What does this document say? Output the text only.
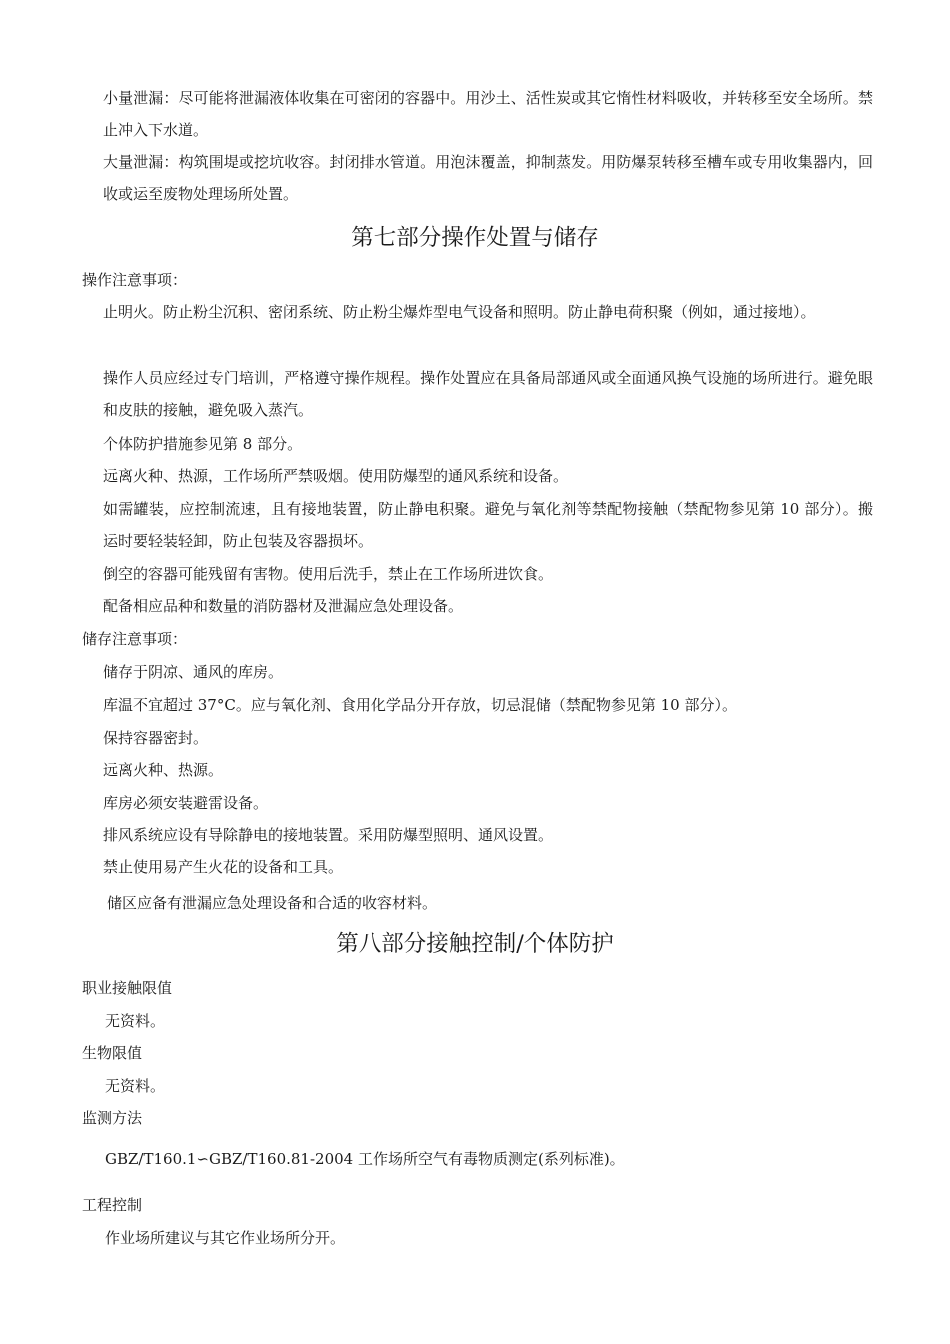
小量泄漏：尽可能将泄漏液体收集在可密闭的容器中。用沙土、活性炭或其它惰性材料吸收，并转移至安全场所。禁止冲入下水道。

大量泄漏：构筑围堤或挖坑收容。封闭排水管道。用泡沫覆盖，抑制蒸发。用防爆泵转移至槽车或专用收集器内，回收或运至废物处理场所处置。

第七部分操作处置与储存

操作注意事项：

止明火。防止粉尘沉积、密闭系统、防止粉尘爆炸型电气设备和照明。防止静电荷积聚（例如，通过接地）。

操作人员应经过专门培训，严格遵守操作规程。操作处置应在具备局部通风或全面通风换气设施的场所进行。避免眼和皮肤的接触，避免吸入蒸汽。

个体防护措施参见第 8 部分。

远离火种、热源，工作场所严禁吸烟。使用防爆型的通风系统和设备。

如需罐装，应控制流速，且有接地装置，防止静电积聚。避免与氧化剂等禁配物接触（禁配物参见第 10 部分）。搬运时要轻装轻卸，防止包装及容器损坏。

倒空的容器可能残留有害物。使用后洗手，禁止在工作场所进饮食。

配备相应品种和数量的消防器材及泄漏应急处理设备。

储存注意事项：

储存于阴凉、通风的库房。

库温不宜超过 37°C。应与氧化剂、食用化学品分开存放，切忌混储（禁配物参见第 10 部分）。

保持容器密封。

远离火种、热源。

库房必须安装避雷设备。

排风系统应设有导除静电的接地装置。采用防爆型照明、通风设置。

禁止使用易产生火花的设备和工具。

储区应备有泄漏应急处理设备和合适的收容材料。

第八部分接触控制/个体防护

职业接触限值

无资料。

生物限值

无资料。

监测方法

GBZ/T160.1∽GBZ/T160.81-2004 工作场所空气有毒物质测定(系列标准)。

工程控制

作业场所建议与其它作业场所分开。
